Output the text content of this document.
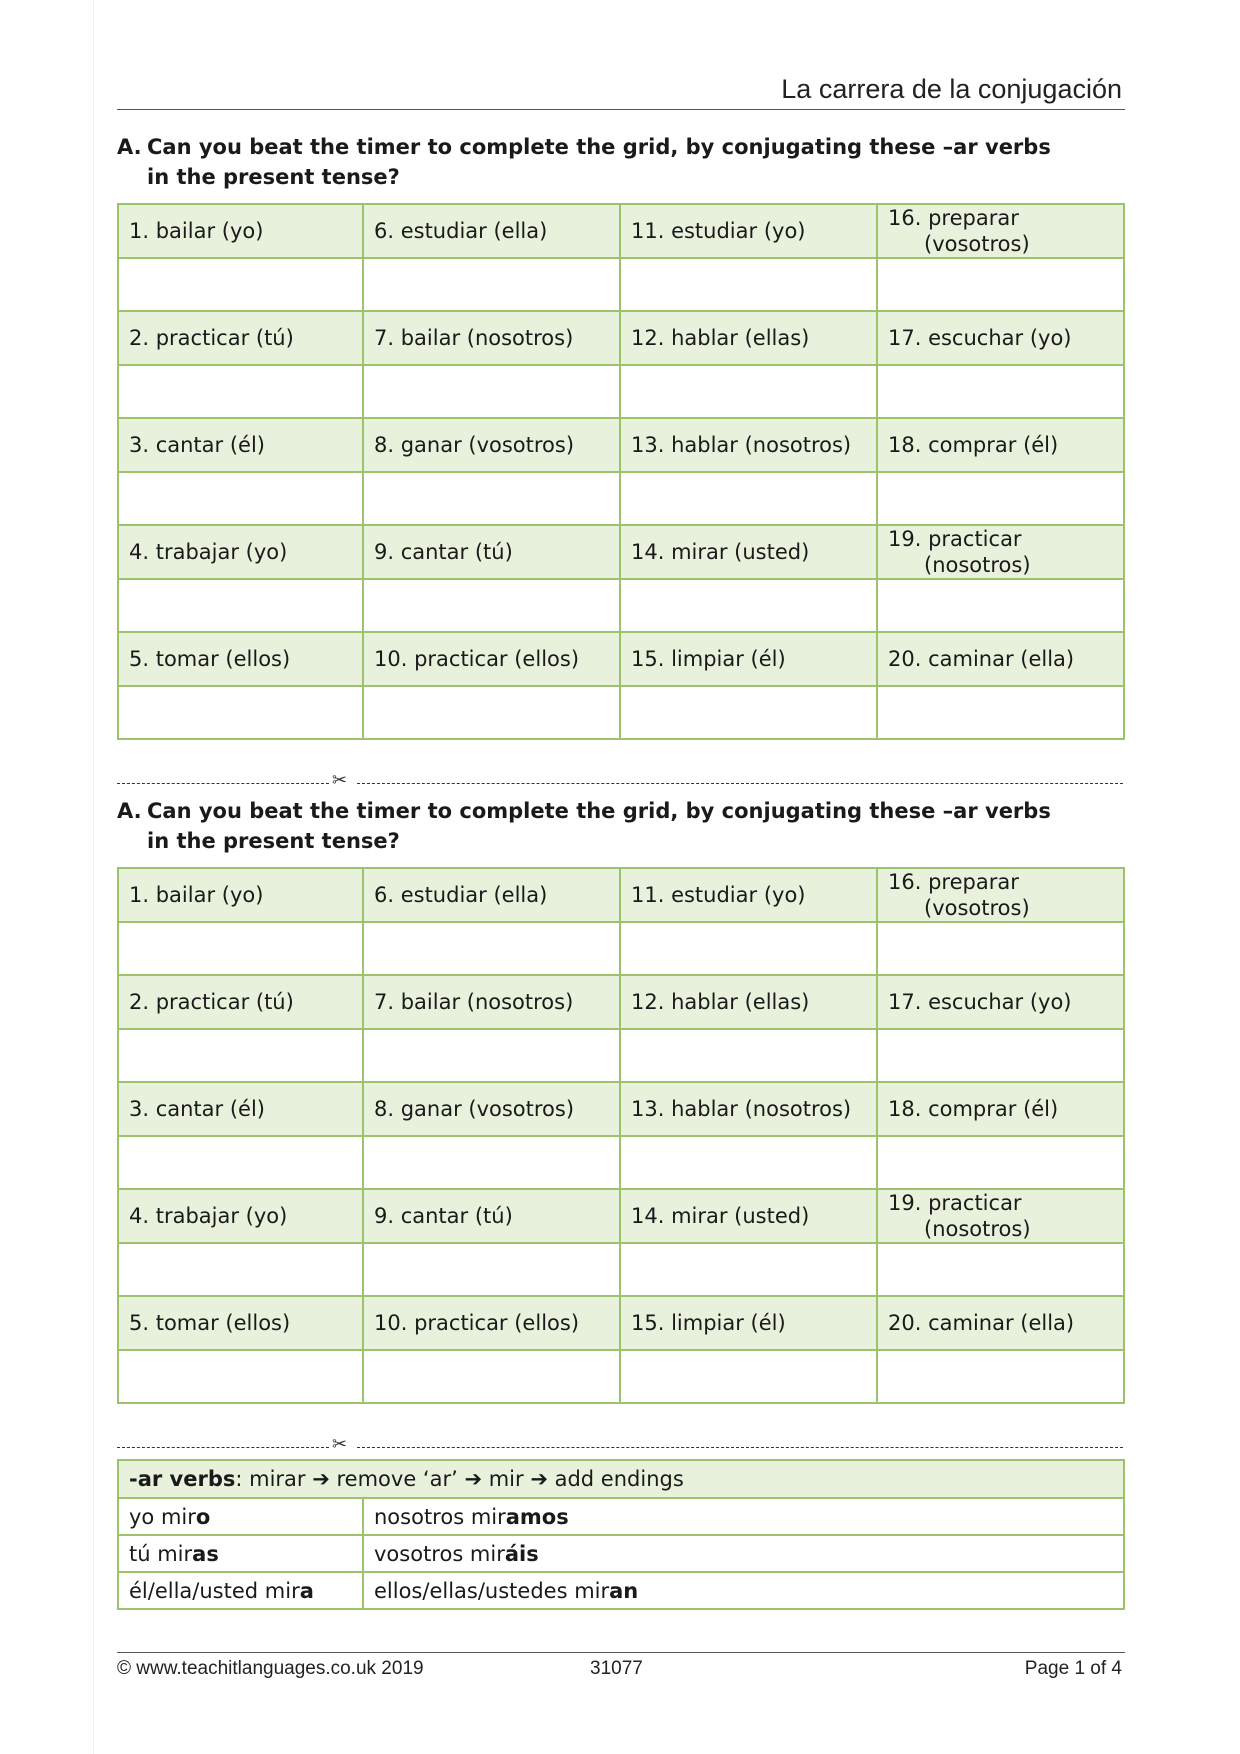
La carrera de la conjugación
A. Can you beat the timer to complete the grid, by conjugating these –ar verbs in the present tense?
1. bailar (yo)	6. estudiar (ella)	11. estudiar (yo)	16. preparar
(vosotros)

2. practicar (tú)	7. bailar (nosotros)	12. hablar (ellas)	17. escuchar (yo)

3. cantar (él)	8. ganar (vosotros)	13. hablar (nosotros)	18. comprar (él)

4. trabajar (yo)	9. cantar (tú)	14. mirar (usted)	19. practicar
(nosotros)

5. tomar (ellos)	10. practicar (ellos)	15. limpiar (él)	20. caminar (ella)

✂
A. Can you beat the timer to complete the grid, by conjugating these –ar verbs in the present tense?
1. bailar (yo)	6. estudiar (ella)	11. estudiar (yo)	16. preparar
(vosotros)

2. practicar (tú)	7. bailar (nosotros)	12. hablar (ellas)	17. escuchar (yo)

3. cantar (él)	8. ganar (vosotros)	13. hablar (nosotros)	18. comprar (él)

4. trabajar (yo)	9. cantar (tú)	14. mirar (usted)	19. practicar
(nosotros)

5. tomar (ellos)	10. practicar (ellos)	15. limpiar (él)	20. caminar (ella)

✂
-ar verbs: mirar ➔ remove ‘ar’ ➔ mir ➔ add endings	
yo miro	nosotros miramos
tú miras	vosotros miráis
él/ella/usted mira	ellos/ellas/ustedes miran
© www.teachitlanguages.co.uk 2019	31077	Page 1 of 4
